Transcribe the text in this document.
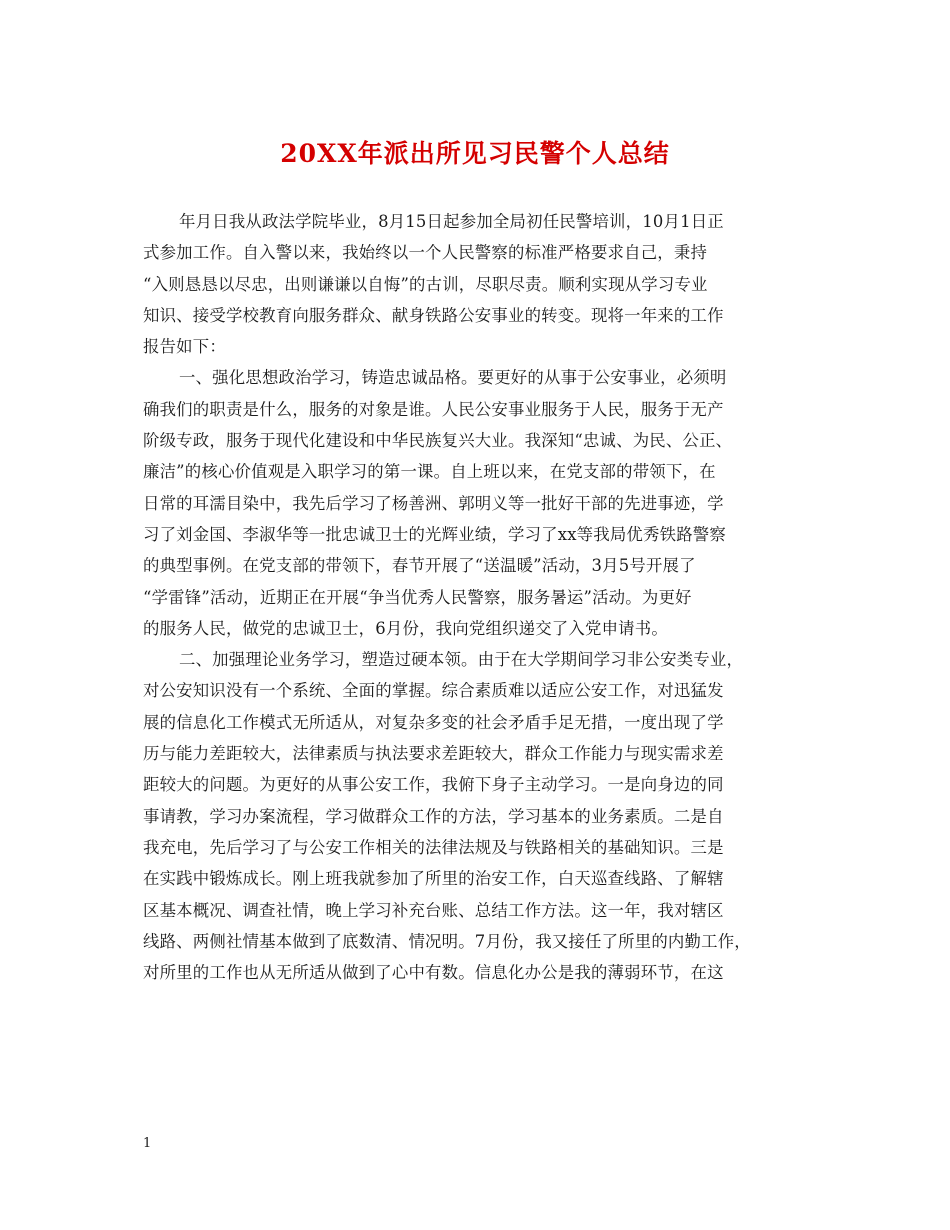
20XX年派出所见习民警个人总结
年月日我从政法学院毕业，8月15日起参加全局初任民警培训，10月1日正
式参加工作。自入警以来，我始终以一个人民警察的标准严格要求自己，秉持
“入则恳恳以尽忠，出则谦谦以自悔”的古训，尽职尽责。顺利实现从学习专业
知识、接受学校教育向服务群众、献身铁路公安事业的转变。现将一年来的工作
报告如下：
一、强化思想政治学习，铸造忠诚品格。要更好的从事于公安事业，必须明
确我们的职责是什么，服务的对象是谁。人民公安事业服务于人民，服务于无产
阶级专政，服务于现代化建设和中华民族复兴大业。我深知“忠诚、为民、公正、
廉洁”的核心价值观是入职学习的第一课。自上班以来，在党支部的带领下，在
日常的耳濡目染中，我先后学习了杨善洲、郭明义等一批好干部的先进事迹，学
习了刘金国、李淑华等一批忠诚卫士的光辉业绩，学习了xx等我局优秀铁路警察
的典型事例。在党支部的带领下，春节开展了“送温暖”活动，3月5号开展了
“学雷锋”活动，近期正在开展“争当优秀人民警察，服务暑运”活动。为更好
的服务人民，做党的忠诚卫士，6月份，我向党组织递交了入党申请书。
二、加强理论业务学习，塑造过硬本领。由于在大学期间学习非公安类专业，
对公安知识没有一个系统、全面的掌握。综合素质难以适应公安工作，对迅猛发
展的信息化工作模式无所适从，对复杂多变的社会矛盾手足无措，一度出现了学
历与能力差距较大，法律素质与执法要求差距较大，群众工作能力与现实需求差
距较大的问题。为更好的从事公安工作，我俯下身子主动学习。一是向身边的同
事请教，学习办案流程，学习做群众工作的方法，学习基本的业务素质。二是自
我充电，先后学习了与公安工作相关的法律法规及与铁路相关的基础知识。三是
在实践中锻炼成长。刚上班我就参加了所里的治安工作，白天巡查线路、了解辖
区基本概况、调查社情，晚上学习补充台账、总结工作方法。这一年，我对辖区
线路、两侧社情基本做到了底数清、情况明。7月份，我又接任了所里的内勤工作，
对所里的工作也从无所适从做到了心中有数。信息化办公是我的薄弱环节，在这
1
